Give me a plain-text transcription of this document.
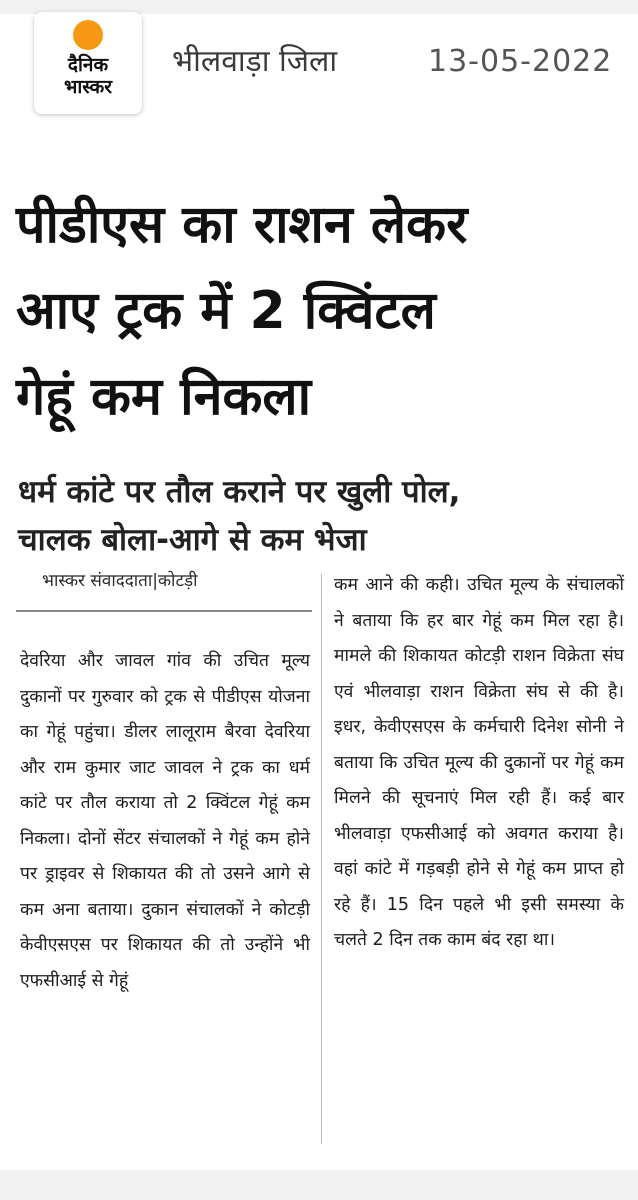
दैनिक
भास्कर
भीलवाड़ा जिला	13-05-2022
पीडीएस का राशन लेकर
आए ट्रक में 2 क्विंटल
गेहूं कम निकला
धर्म कांटे पर तौल कराने पर खुली पोल,
चालक बोला-आगे से कम भेजा
भास्कर संवाददाता|कोटड़ी

देवरिया और जावल गांव की उचित मूल्य दुकानों पर गुरुवार को ट्रक से पीडीएस योजना का गेहूं पहुंचा। डीलर लालूराम बैरवा देवरिया और राम कुमार जाट जावल ने ट्रक का धर्म कांटे पर तौल कराया तो 2 क्विंटल गेहूं कम निकला। दोनों सेंटर संचालकों ने गेहूं कम होने पर ड्राइवर से शिकायत की तो उसने आगे से कम अना बताया। दुकान संचालकों ने कोटड़ी केवीएसएस पर शिकायत की तो उन्होंने भी एफसीआई से गेहूं

कम आने की कही। उचित मूल्य के संचालकों ने बताया कि हर बार गेहूं कम मिल रहा है। मामले की शिकायत कोटड़ी राशन विक्रेता संघ एवं भीलवाड़ा राशन विक्रेता संघ से की है। इधर, केवीएसएस के कर्मचारी दिनेश सोनी ने बताया कि उचित मूल्य की दुकानों पर गेहूं कम मिलने की सूचनाएं मिल रही हैं। कई बार भीलवाड़ा एफसीआई को अवगत कराया है। वहां कांटे में गड़बड़ी होने से गेहूं कम प्राप्त हो रहे हैं। 15 दिन पहले भी इसी समस्या के चलते 2 दिन तक काम बंद रहा था।
